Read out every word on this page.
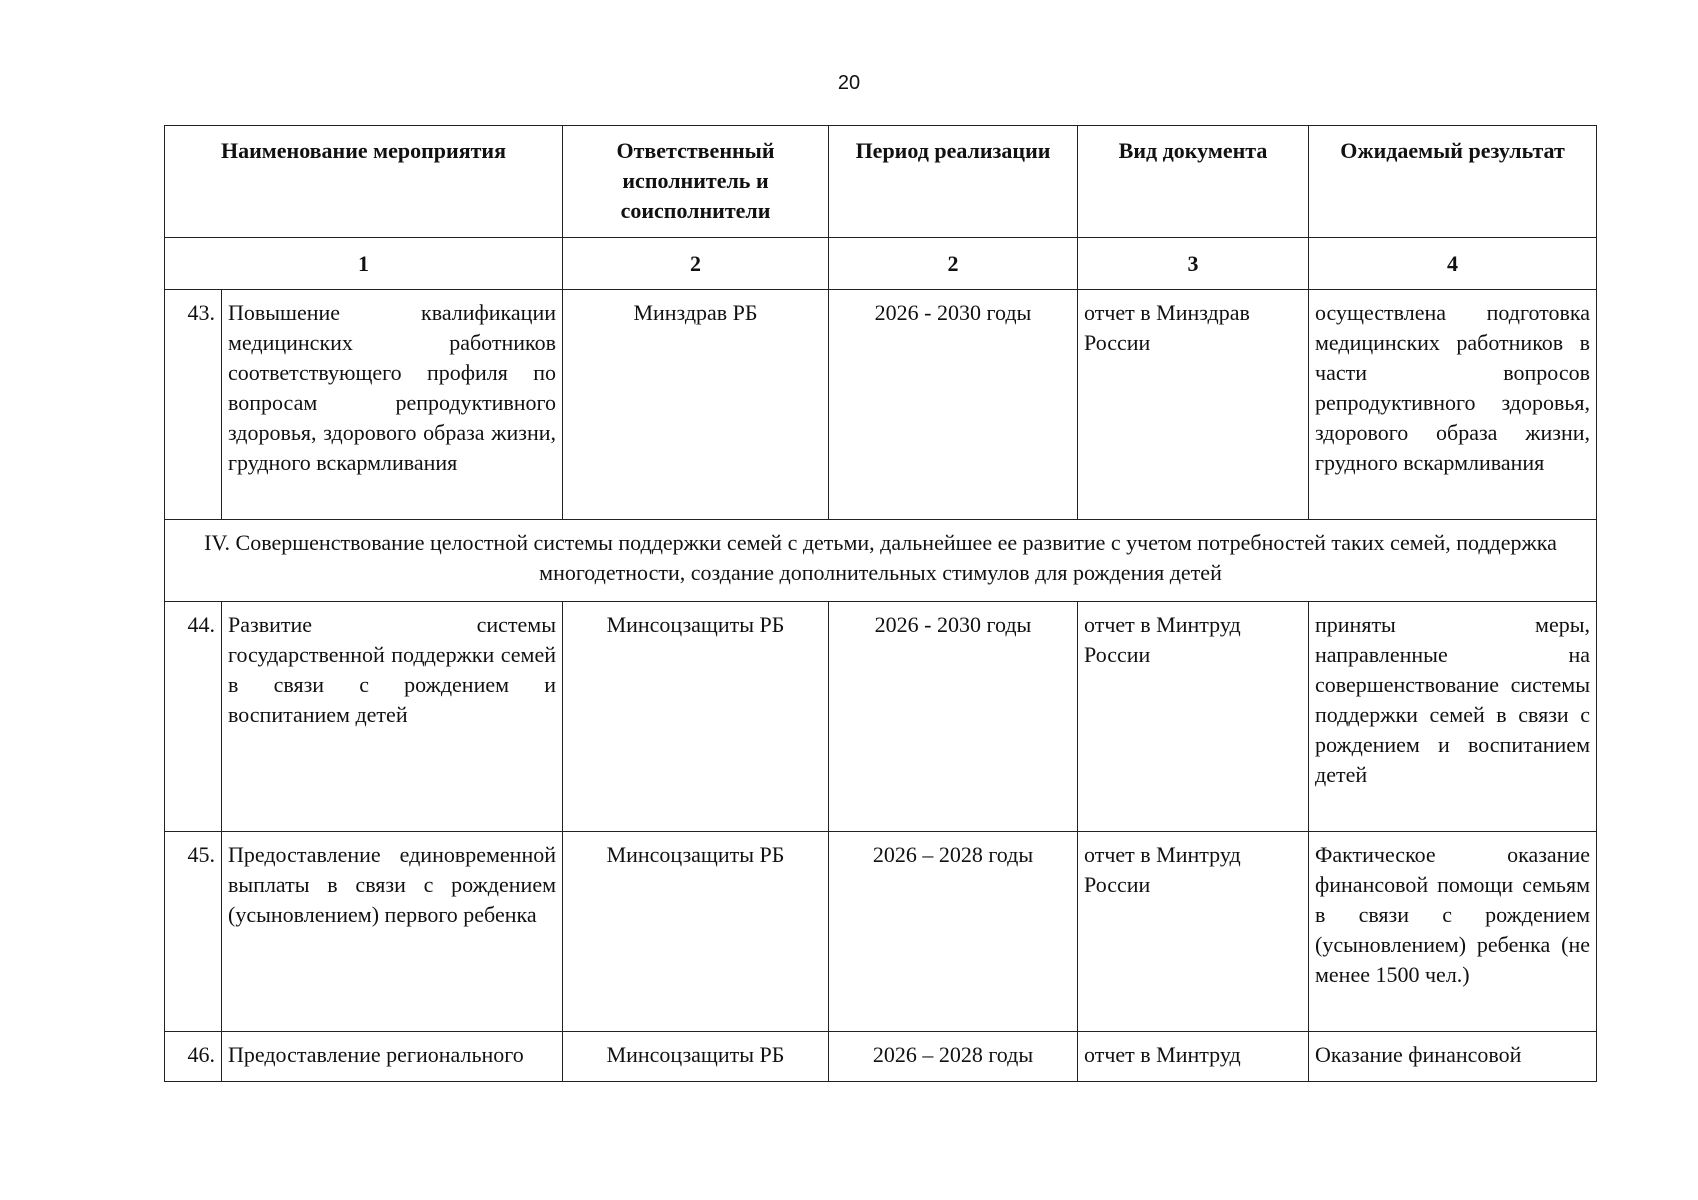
20
Наименование мероприятия		Ответственный исполнитель и соисполнители	Период реализации	Вид документа	Ожидаемый результат
1		2	2	3	4
43.	Повышение квалификации медицинских работников соответствующего профиля по вопросам репродуктивного здоровья, здорового образа жизни, грудного вскармливания	Минздрав РБ	2026 - 2030 годы	отчет в Минздрав России	осуществлена подготовка медицинских работников в части вопросов репродуктивного здоровья, здорового образа жизни, грудного вскармливания
IV. Совершенствование целостной системы поддержки семей с детьми, дальнейшее ее развитие с учетом потребностей таких семей, поддержка многодетности, создание дополнительных стимулов для рождения детей					
44.	Развитие системы государственной поддержки семей в связи с рождением и воспитанием детей	Минсоцзащиты РБ	2026 - 2030 годы	отчет в Минтруд России	приняты меры, направленные на совершенствование системы поддержки семей в связи с рождением и воспитанием детей
45.	Предоставление единовременной выплаты в связи с рождением (усыновлением) первого ребенка	Минсоцзащиты РБ	2026 – 2028 годы	отчет в Минтруд России	Фактическое оказание финансовой помощи семьям в связи с рождением (усыновлением) ребенка (не менее 1500 чел.)
46.	Предоставление регионального	Минсоцзащиты РБ	2026 – 2028 годы	отчет в Минтруд	Оказание финансовой
